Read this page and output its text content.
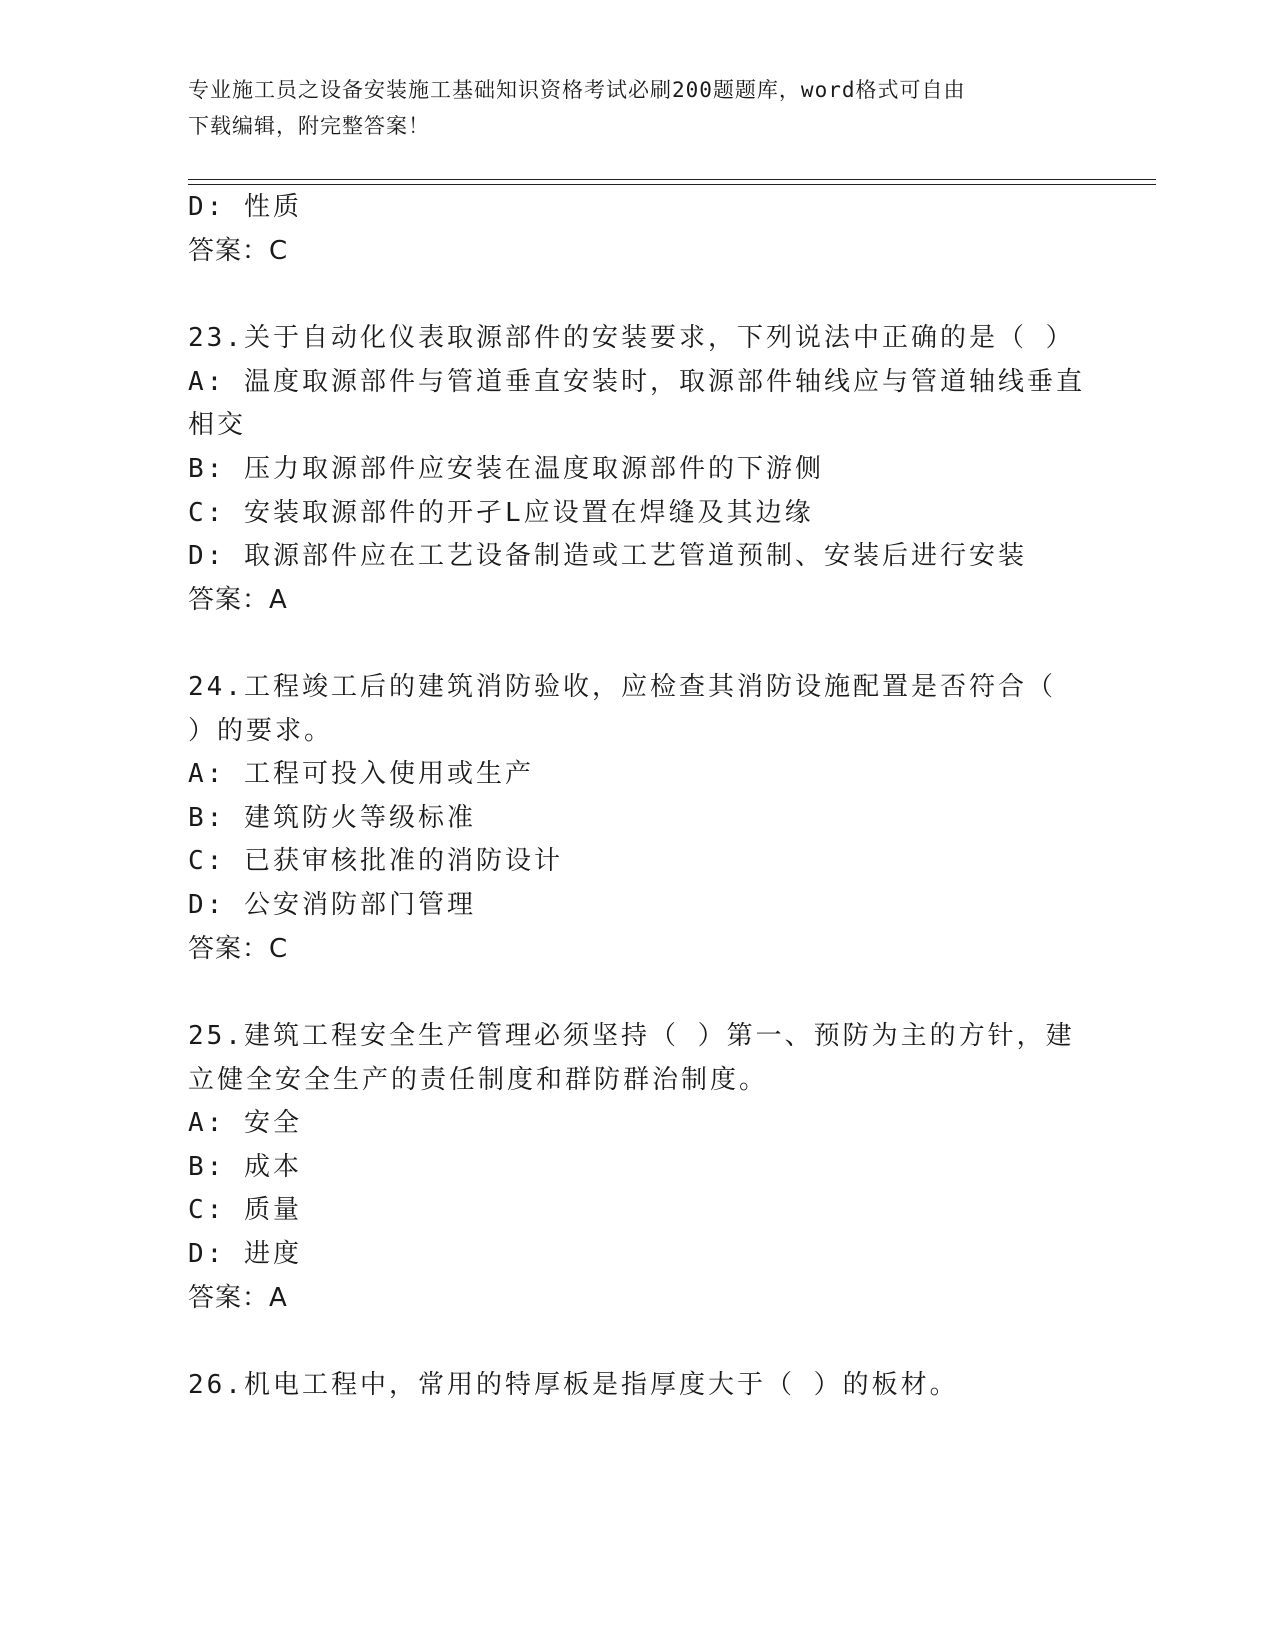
专业施工员之设备安装施工基础知识资格考试必刷200题题库，word格式可自由
下载编辑，附完整答案！
D: 性质
答案：C
23.关于自动化仪表取源部件的安装要求，下列说法中正确的是（ ）
A: 温度取源部件与管道垂直安装时，取源部件轴线应与管道轴线垂直
相交
B: 压力取源部件应安装在温度取源部件的下游侧
C: 安装取源部件的开孑L应设置在焊缝及其边缘
D: 取源部件应在工艺设备制造或工艺管道预制、安装后进行安装
答案：A
24.工程竣工后的建筑消防验收，应检查其消防设施配置是否符合（
）的要求。
A: 工程可投入使用或生产
B: 建筑防火等级标准
C: 已获审核批准的消防设计
D: 公安消防部门管理
答案：C
25.建筑工程安全生产管理必须坚持（ ）第一、预防为主的方针，建
立健全安全生产的责任制度和群防群治制度。
A: 安全
B: 成本
C: 质量
D: 进度
答案：A
26.机电工程中，常用的特厚板是指厚度大于（ ）的板材。
